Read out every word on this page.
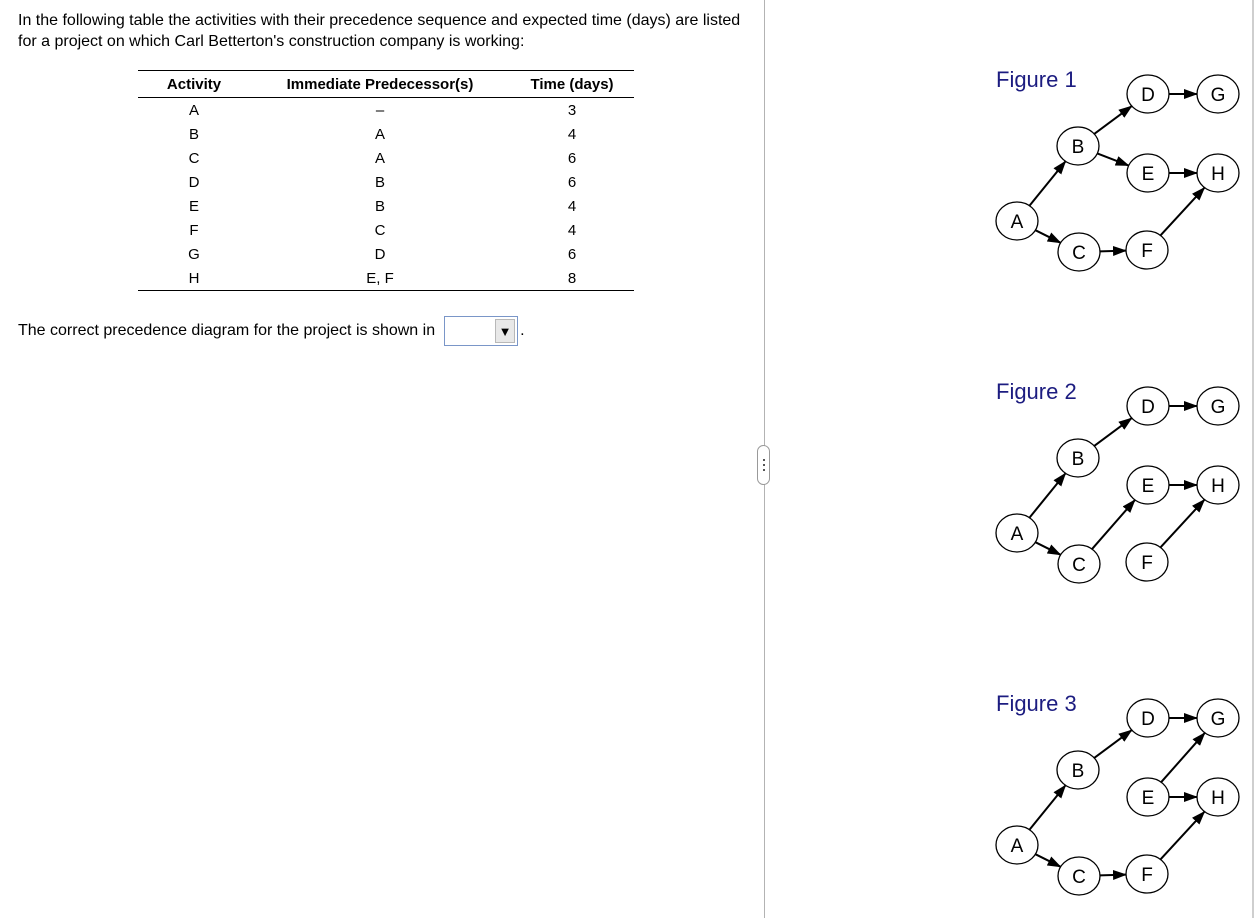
In the following table the activities with their precedence sequence and expected time (days) are listed for a project on which Carl Betterton's construction company is working:
Activity	Immediate Predecessor(s)	Time (days)
A	–	3
B	A	4
C	A	6
D	B	6
E	B	4
F	C	4
G	D	6
H	E, F	8
The correct precedence diagram for the project is shown in	▼ .
Figure 1
A
B
C
D
E
F
G
H
Figure 2
A
B
C
D
E
F
G
H
Figure 3
A
B
C
D
E
F
G
H
